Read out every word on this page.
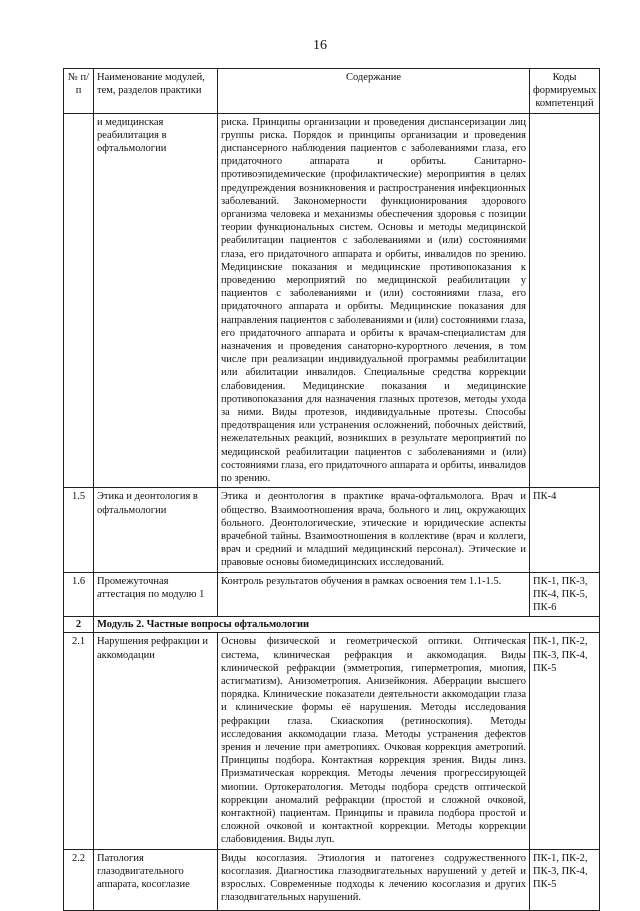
16
№ п/п	Наименование модулей, тем, разделов практики	Содержание	Коды формируемых компетенций
	и медицинская реабилитация в офтальмологии	риска. Принципы организации и проведения диспансеризации лиц группы риска. Порядок и принципы организации и проведения диспансерного наблюдения пациентов с заболеваниями глаза, его придаточного аппарата и орбиты. Санитарно-противоэпидемические (профилактические) мероприятия в целях предупреждения возникновения и распространения инфекционных заболеваний. Закономерности функционирования здорового организма человека и механизмы обеспечения здоровья с позиции теории функциональных систем. Основы и методы медицинской реабилитации пациентов с заболеваниями и (или) состояниями глаза, его придаточного аппарата и орбиты, инвалидов по зрению. Медицинские показания и медицинские противопоказания к проведению мероприятий по медицинской реабилитации у пациентов с заболеваниями и (или) состояниями глаза, его придаточного аппарата и орбиты. Медицинские показания для направления пациентов с заболеваниями и (или) состояниями глаза, его придаточного аппарата и орбиты к врачам-специалистам для назначения и проведения санаторно-курортного лечения, в том числе при реализации индивидуальной программы реабилитации или абилитации инвалидов. Специальные средства коррекции слабовидения. Медицинские показания и медицинские противопоказания для назначения глазных протезов, методы ухода за ними. Виды протезов, индивидуальные протезы. Способы предотвращения или устранения осложнений, побочных действий, нежелательных реакций, возникших в результате мероприятий по медицинской реабилитации пациентов с заболеваниями и (или) состояниями глаза, его придаточного аппарата и орбиты, инвалидов по зрению.	
1.5	Этика и деонтология в офтальмологии	Этика и деонтология в практике врача-офтальмолога. Врач и общество. Взаимоотношения врача, больного и лиц, окружающих больного. Деонтологические, этические и юридические аспекты врачебной тайны. Взаимоотношения в коллективе (врач и коллеги, врач и средний и младший медицинский персонал). Этические и правовые основы биомедицинских исследований.	ПК-4
1.6	Промежуточная аттестация по модулю 1	Контроль результатов обучения в рамках освоения тем 1.1-1.5.	ПК-1, ПК-3, ПК-4, ПК-5, ПК-6
2	Модуль 2. Частные вопросы офтальмологии		
2.1	Нарушения рефракции и аккомодации	Основы физической и геометрической оптики. Оптическая система, клиническая рефракция и аккомодация. Виды клинической рефракции (эмметропия, гиперметропия, миопия, астигматизм). Анизометропия. Анизейкония. Аберрации высшего порядка. Клинические показатели деятельности аккомодации глаза и клинические формы её нарушения. Методы исследования рефракции глаза. Скиаскопия (ретиноскопия). Методы исследования аккомодации глаза. Методы устранения дефектов зрения и лечение при аметропиях. Очковая коррекция аметропий. Принципы подбора. Контактная коррекция зрения. Виды линз. Призматическая коррекция. Методы лечения прогрессирующей миопии. Ортокератология. Методы подбора средств оптической коррекции аномалий рефракции (простой и сложной очковой, контактной) пациентам. Принципы и правила подбора простой и сложной очковой и контактной коррекции. Методы коррекции слабовидения. Виды луп.	ПК-1, ПК-2, ПК-3, ПК-4, ПК-5
2.2	Патология глазодвигательного аппарата, косоглазие	Виды косоглазия. Этиология и патогенез содружественного косоглазия. Диагностика глазодвигательных нарушений у детей и взрослых. Современные подходы к лечению косоглазия и других глазодвигательных нарушений.	ПК-1, ПК-2, ПК-3, ПК-4, ПК-5
